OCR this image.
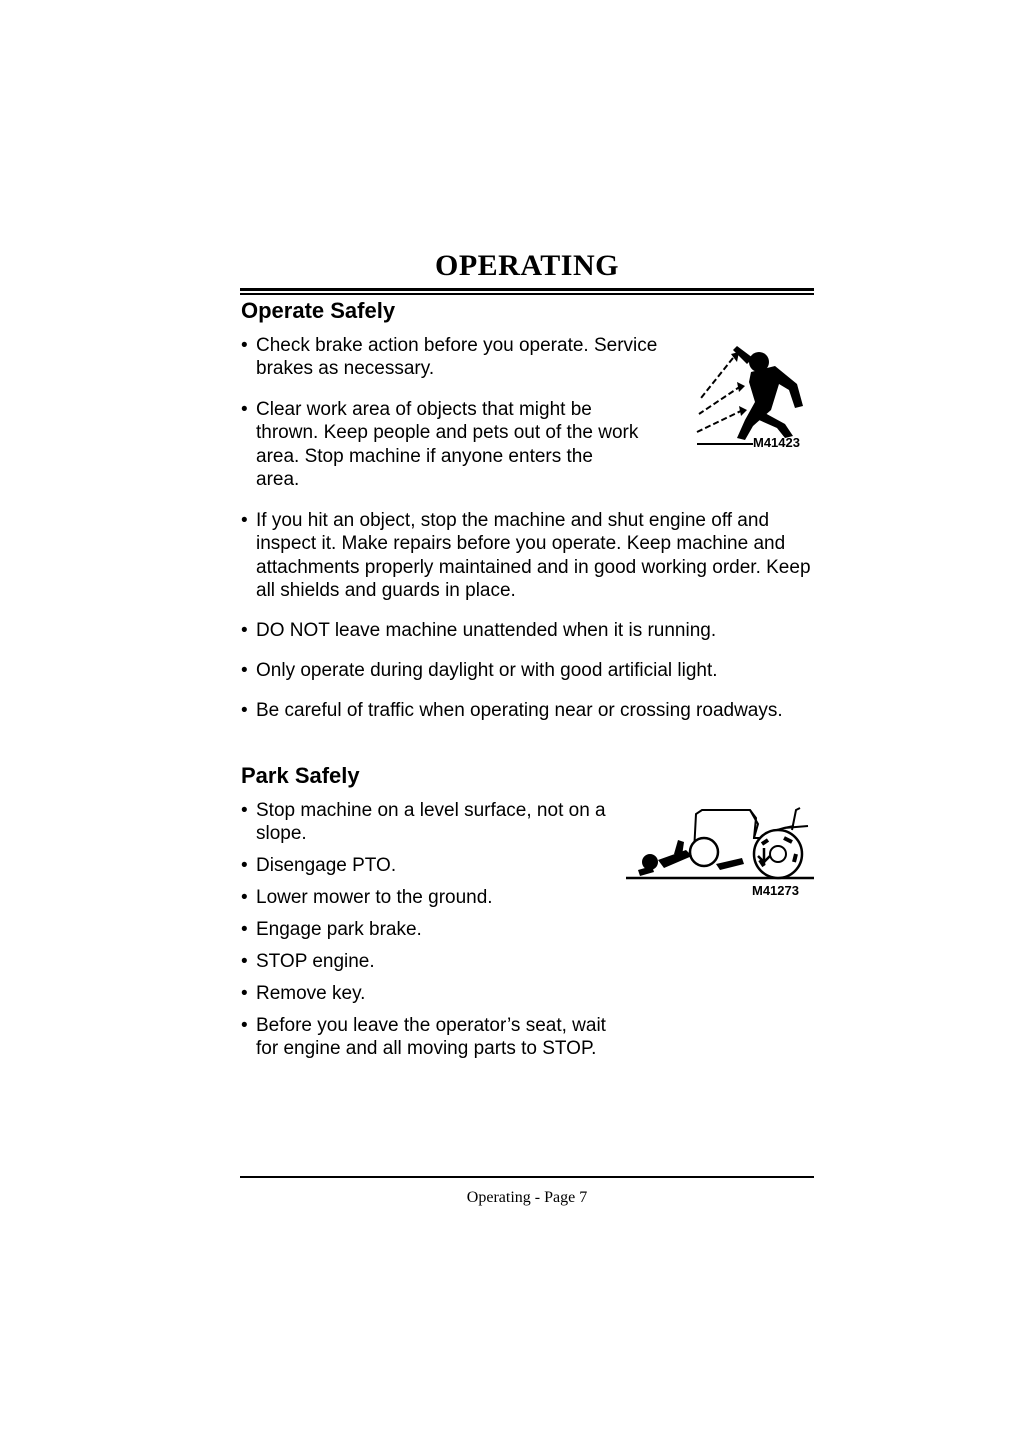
OPERATING
Operate Safely
• Check brake action before you operate. Service brakes as necessary.
• Clear work area of objects that might be thrown. Keep people and pets out of the work area. Stop machine if anyone enters the area.
• If you hit an object, stop the machine and shut engine off and inspect it. Make repairs before you operate. Keep machine and attachments properly maintained and in good working order. Keep all shields and guards in place.
• DO NOT leave machine unattended when it is running.
• Only operate during daylight or with good artificial light.
• Be careful of traffic when operating near or crossing roadways.
M41423
Park Safely
• Stop machine on a level surface, not on a slope.
• Disengage PTO.
• Lower mower to the ground.
• Engage park brake.
• STOP engine.
• Remove key.
• Before you leave the operator’s seat, wait for engine and all moving parts to STOP.
M41273
Operating - Page 7
